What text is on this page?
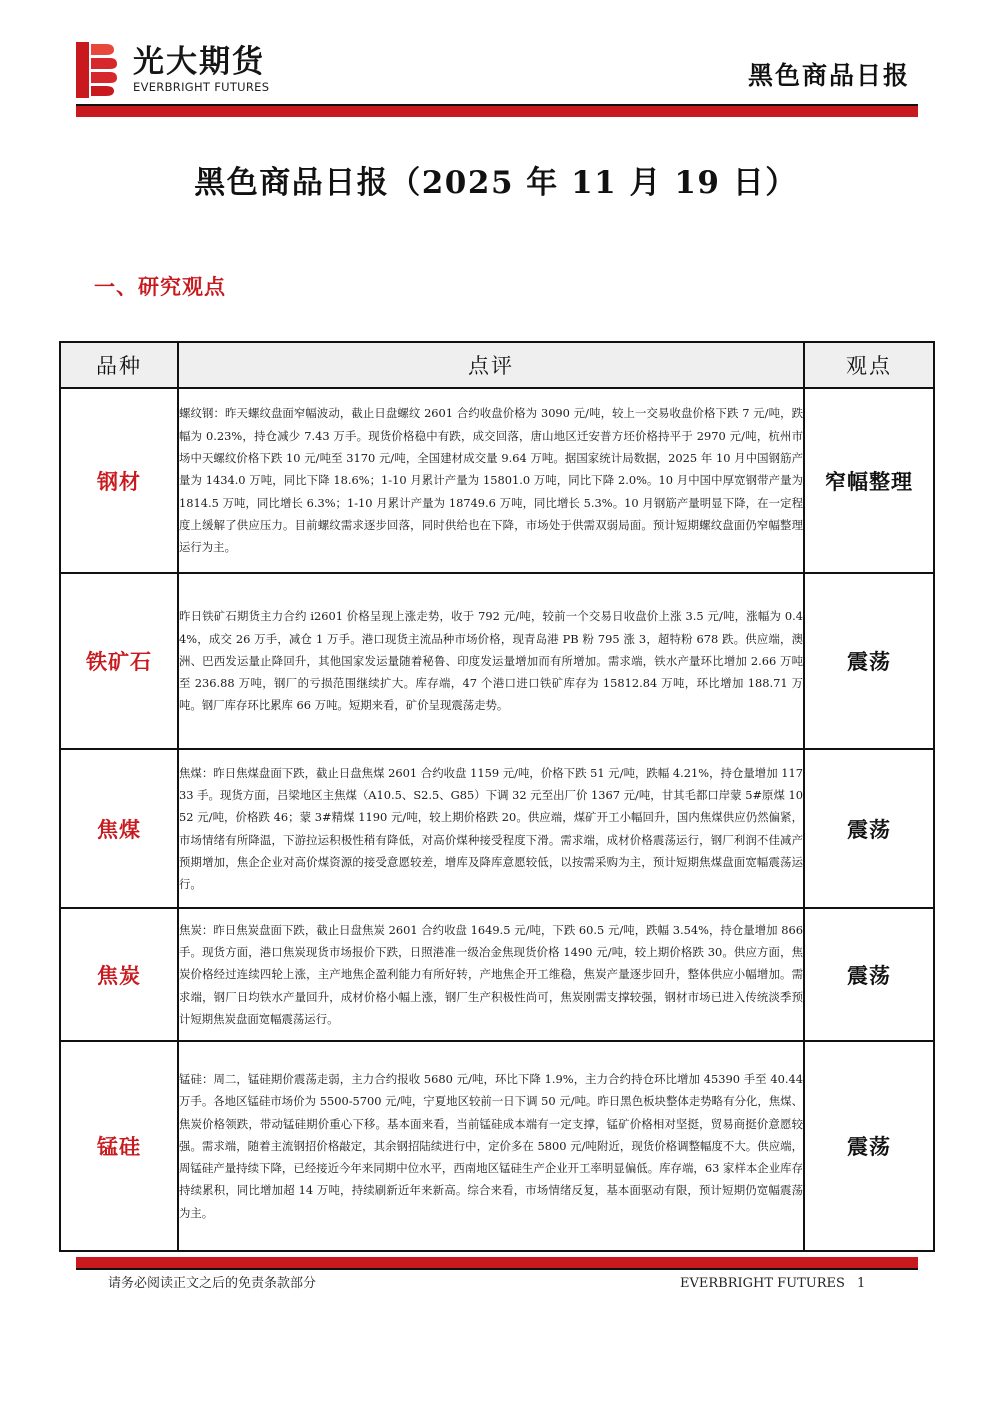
光大期货
EVERBRIGHT FUTURES	黑色商品日报
黑色商品日报（2025 年 11 月 19 日）
一、研究观点
品种	点评	观点
钢材	螺纹钢：昨天螺纹盘面窄幅波动，截止日盘螺纹 2601 合约收盘价格为 3090 元/吨，较上一交易收盘价格下跌 7 元/吨，跌幅为 0.23%，持仓减少 7.43 万手。现货价格稳中有跌，成交回落，唐山地区迁安普方坯价格持平于 2970 元/吨，杭州市场中天螺纹价格下跌 10 元/吨至 3170 元/吨，全国建材成交量 9.64 万吨。据国家统计局数据，2025 年 10 月中国钢筋产量为 1434.0 万吨，同比下降 18.6%；1-10 月累计产量为 15801.0 万吨，同比下降 2.0%。10 月中国中厚宽钢带产量为 1814.5 万吨，同比增长 6.3%；1-10 月累计产量为 18749.6 万吨，同比增长 5.3%。10 月钢筋产量明显下降，在一定程度上缓解了供应压力。目前螺纹需求逐步回落，同时供给也在下降，市场处于供需双弱局面。预计短期螺纹盘面仍窄幅整理运行为主。	窄幅整理
铁矿石	昨日铁矿石期货主力合约 i2601 价格呈现上涨走势，收于 792 元/吨，较前一个交易日收盘价上涨 3.5 元/吨，涨幅为 0.44%，成交 26 万手，减仓 1 万手。港口现货主流品种市场价格，现青岛港 PB 粉 795 涨 3，超特粉 678 跌。供应端，澳洲、巴西发运量止降回升，其他国家发运量随着秘鲁、印度发运量增加而有所增加。需求端，铁水产量环比增加 2.66 万吨至 236.88 万吨，钢厂的亏损范围继续扩大。库存端，47 个港口进口铁矿库存为 15812.84 万吨，环比增加 188.71 万吨。钢厂库存环比累库 66 万吨。短期来看，矿价呈现震荡走势。	震荡
焦煤	焦煤：昨日焦煤盘面下跌，截止日盘焦煤 2601 合约收盘 1159 元/吨，价格下跌 51 元/吨，跌幅 4.21%，持仓量增加 11733 手。现货方面，吕梁地区主焦煤（A10.5、S2.5、G85）下调 32 元至出厂价 1367 元/吨，甘其毛都口岸蒙 5#原煤 1052 元/吨，价格跌 46；蒙 3#精煤 1190 元/吨，较上期价格跌 20。供应端，煤矿开工小幅回升，国内焦煤供应仍然偏紧，市场情绪有所降温，下游拉运积极性稍有降低，对高价煤种接受程度下滑。需求端，成材价格震荡运行，钢厂利润不佳减产预期增加，焦企企业对高价煤资源的接受意愿较差，增库及降库意愿较低，以按需采购为主，预计短期焦煤盘面宽幅震荡运行。	震荡
焦炭	焦炭：昨日焦炭盘面下跌，截止日盘焦炭 2601 合约收盘 1649.5 元/吨，下跌 60.5 元/吨，跌幅 3.54%，持仓量增加 866 手。现货方面，港口焦炭现货市场报价下跌，日照港准一级冶金焦现货价格 1490 元/吨，较上期价格跌 30。供应方面，焦炭价格经过连续四轮上涨，主产地焦企盈利能力有所好转，产地焦企开工维稳，焦炭产量逐步回升，整体供应小幅增加。需求端，钢厂日均铁水产量回升，成材价格小幅上涨，钢厂生产积极性尚可，焦炭刚需支撑较强，钢材市场已进入传统淡季预计短期焦炭盘面宽幅震荡运行。	震荡
锰硅	锰硅：周二，锰硅期价震荡走弱，主力合约报收 5680 元/吨，环比下降 1.9%，主力合约持仓环比增加 45390 手至 40.44 万手。各地区锰硅市场价为 5500-5700 元/吨，宁夏地区较前一日下调 50 元/吨。昨日黑色板块整体走势略有分化，焦煤、焦炭价格领跌，带动锰硅期价重心下移。基本面来看，当前锰硅成本端有一定支撑，锰矿价格相对坚挺，贸易商挺价意愿较强。需求端，随着主流钢招价格敲定，其余钢招陆续进行中，定价多在 5800 元/吨附近，现货价格调整幅度不大。供应端，周锰硅产量持续下降，已经接近今年来同期中位水平，西南地区锰硅生产企业开工率明显偏低。库存端，63 家样本企业库存持续累积，同比增加超 14 万吨，持续刷新近年来新高。综合来看，市场情绪反复，基本面驱动有限，预计短期仍宽幅震荡为主。	震荡
请务必阅读正文之后的免责条款部分	EVERBRIGHT FUTURES 1
